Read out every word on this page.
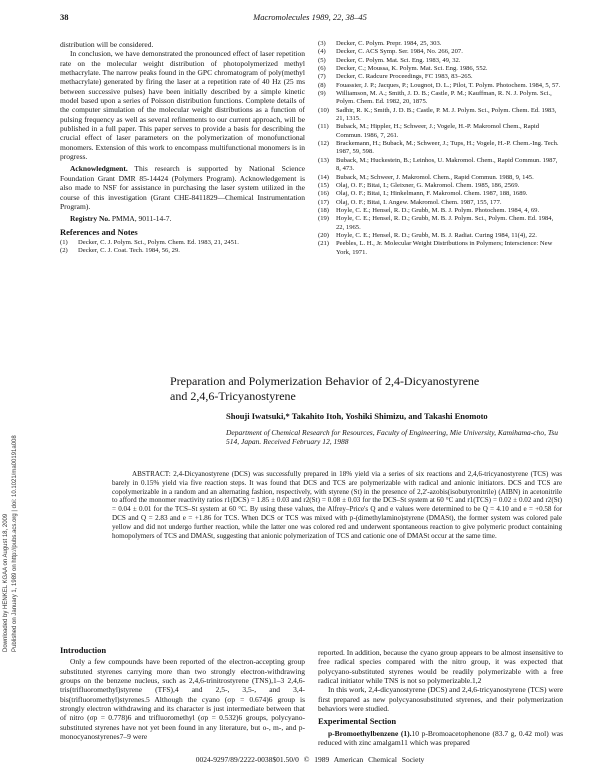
38	Macromolecules 1989, 22, 38–45
Downloaded by HENKEL KGAA on August 18, 2009 Published on January 1, 1989 on http://pubs.acs.org | doi: 10.1021/ma00191a008

distribution will be considered.

In conclusion, we have demonstrated the pronounced effect of laser repetition rate on the molecular weight distribution of photopolymerized methyl methacrylate. The narrow peaks found in the GPC chromatogram of poly(methyl methacrylate) generated by firing the laser at a repetition rate of 40 Hz (25 ms between successive pulses) have been initially described by a simple kinetic model based upon a series of Poisson distribution functions. Complete details of the computer simulation of the molecular weight distributions as a function of pulsing frequency as well as several refinements to our current approach, will be published in a full paper. This paper serves to provide a basis for describing the crucial effect of laser parameters on the polymerization of monofunctional monomers. Extension of this work to encompass multifunctional monomers is in progress.

Acknowledgment. This research is supported by National Science Foundation Grant DMR 85-14424 (Polymers Program). Acknowledgement is also made to NSF for assistance in purchasing the laser system utilized in the course of this investigation (Grant CHE-8411829—Chemical Instrumentation Program).

Registry No. PMMA, 9011-14-7.

References and Notes
(1) Decker, C. J. Polym. Sci., Polym. Chem. Ed. 1983, 21, 2451.
(2) Decker, C. J. Coat. Tech. 1984, 56, 29.
(3) Decker, C. Polym. Prepr. 1984, 25, 303.
(4) Decker, C. ACS Symp. Ser. 1984, No. 266, 207.
(5) Decker, C. Polym. Mat. Sci. Eng. 1983, 49, 32.
(6) Decker, C.; Moussa, K. Polym. Mat. Sci. Eng. 1986, 552.
(7) Decker, C. Radcure Proceedings, FC 1983, 83–265.
(8) Fouassier, J. P.; Jacques, P.; Lougnot, D. L.; Pilot, T. Polym. Photochem. 1984, 5, 57.
(9) Williamson, M. A.; Smith, J. D. B.; Castle, P. M.; Kauffman, R. N. J. Polym. Sci., Polym. Chem. Ed. 1982, 20, 1875.
(10) Sadhir, R. K.; Smith, J. D. B.; Castle, P. M. J. Polym. Sci., Polym. Chem. Ed. 1983, 21, 1315.
(11) Buback, M.; Hippler, H.; Schweer, J.; Vogele, H.-P. Makromol Chem., Rapid Commun. 1986, 7, 261.
(12) Brackemann, H.; Buback, M.; Schweer, J.; Tups, H.; Vogele, H.-P. Chem.-Ing. Tech. 1987, 59, 598.
(13) Buback, M.; Huckestein, B.; Leinhos, U. Makromol. Chem., Rapid Commun. 1987, 8, 473.
(14) Buback, M.; Schweer, J. Makromol. Chem., Rapid Commun. 1988, 9, 145.
(15) Olaj, O. F.; Bitai, I.; Gleixner, G. Makromol. Chem. 1985, 186, 2569.
(16) Olaj, O. F.; Bitai, I.; Hinkelmann, F. Makromol. Chem. 1987, 188, 1689.
(17) Olaj, O. F.; Bitai, I. Angew. Makromol. Chem. 1987, 155, 177.
(18) Hoyle, C. E.; Hensel, R. D.; Grubb, M. B. J. Polym. Photochem. 1984, 4, 69.
(19) Hoyle, C. E.; Hensel, R. D.; Grubb, M. B. J. Polym. Sci., Polym. Chem. Ed. 1984, 22, 1965.
(20) Hoyle, C. E.; Hensel, R. D.; Grubb, M. B. J. Radiat. Curing 1984, 11(4), 22.
(21) Peebles, L. H., Jr. Molecular Weight Distributions in Polymers; Interscience: New York, 1971.
Preparation and Polymerization Behavior of 2,4-Dicyanostyrene
and 2,4,6-Tricyanostyrene
Shouji Iwatsuki,* Takahito Itoh, Yoshiki Shimizu, and Takashi Enomoto
Department of Chemical Research for Resources, Faculty of Engineering, Mie University, Kamihama-cho, Tsu 514, Japan. Received February 12, 1988
ABSTRACT: 2,4-Dicyanostyrene (DCS) was successfully prepared in 18% yield via a series of six reactions and 2,4,6-tricyanostyrene (TCS) was barely in 0.15% yield via five reaction steps. It was found that DCS and TCS are polymerizable with radical and anionic initiators. DCS and TCS are copolymerizable in a random and an alternating fashion, respectively, with styrene (St) in the presence of 2,2'-azobis(isobutyronitrile) (AIBN) in acetonitrile to afford the monomer reactivity ratios r1(DCS) = 1.85 ± 0.03 and r2(St) = 0.08 ± 0.03 for the DCS–St system at 60 °C and r1(TCS) = 0.02 ± 0.02 and r2(St) = 0.04 ± 0.01 for the TCS–St system at 60 °C. By using these values, the Alfrey–Price's Q and e values were determined to be Q = 4.10 and e = +0.58 for DCS and Q = 2.83 and e = +1.86 for TCS. When DCS or TCS was mixed with p-(dimethylamino)styrene (DMASt), the former system was colored pale yellow and did not undergo further reaction, while the latter one was colored red and underwent spontaneous reaction to give polymeric product containing homopolymers of TCS and DMASt, suggesting that anionic polymerization of TCS and cationic one of DMASt occur at the same time.
Introduction

Only a few compounds have been reported of the electron-accepting group substituted styrenes carrying more than two strongly electron-withdrawing groups on the benzene nucleus, such as 2,4,6-trinitrostyrene (TNS),1–3 2,4,6-tris(trifluoromethyl)styrene (TFS),4 and 2,5-, 3,5-, and 3,4-bis(trifluoromethyl)styrenes.5 Although the cyano (σp = 0.674)6 group is strongly electron withdrawing and its character is just intermediate between that of nitro (σp = 0.778)6 and trifluoromethyl (σp = 0.532)6 groups, polycyano-substituted styrenes have not yet been found in any literature, but o-, m-, and p-monocyanostyrenes7–9 were

reported. In addition, because the cyano group appears to be almost insensitive to free radical species compared with the nitro group, it was expected that polycyano-substituted styrenes would be readily polymerizable with a free radical initiator while TNS is not so polymerizable.1,2

In this work, 2,4-dicyanostyrene (DCS) and 2,4,6-tricyanostyrene (TCS) were first prepared as new polycyanosubstituted styrenes, and their polymerization behaviors were studied.

Experimental Section

p-Bromoethylbenzene (1).10 p-Bromoacetophenone (83.7 g, 0.42 mol) was reduced with zinc amalgam11 which was prepared

0024-9297/89/2222-0038$01.50/0 © 1989 American Chemical Society
